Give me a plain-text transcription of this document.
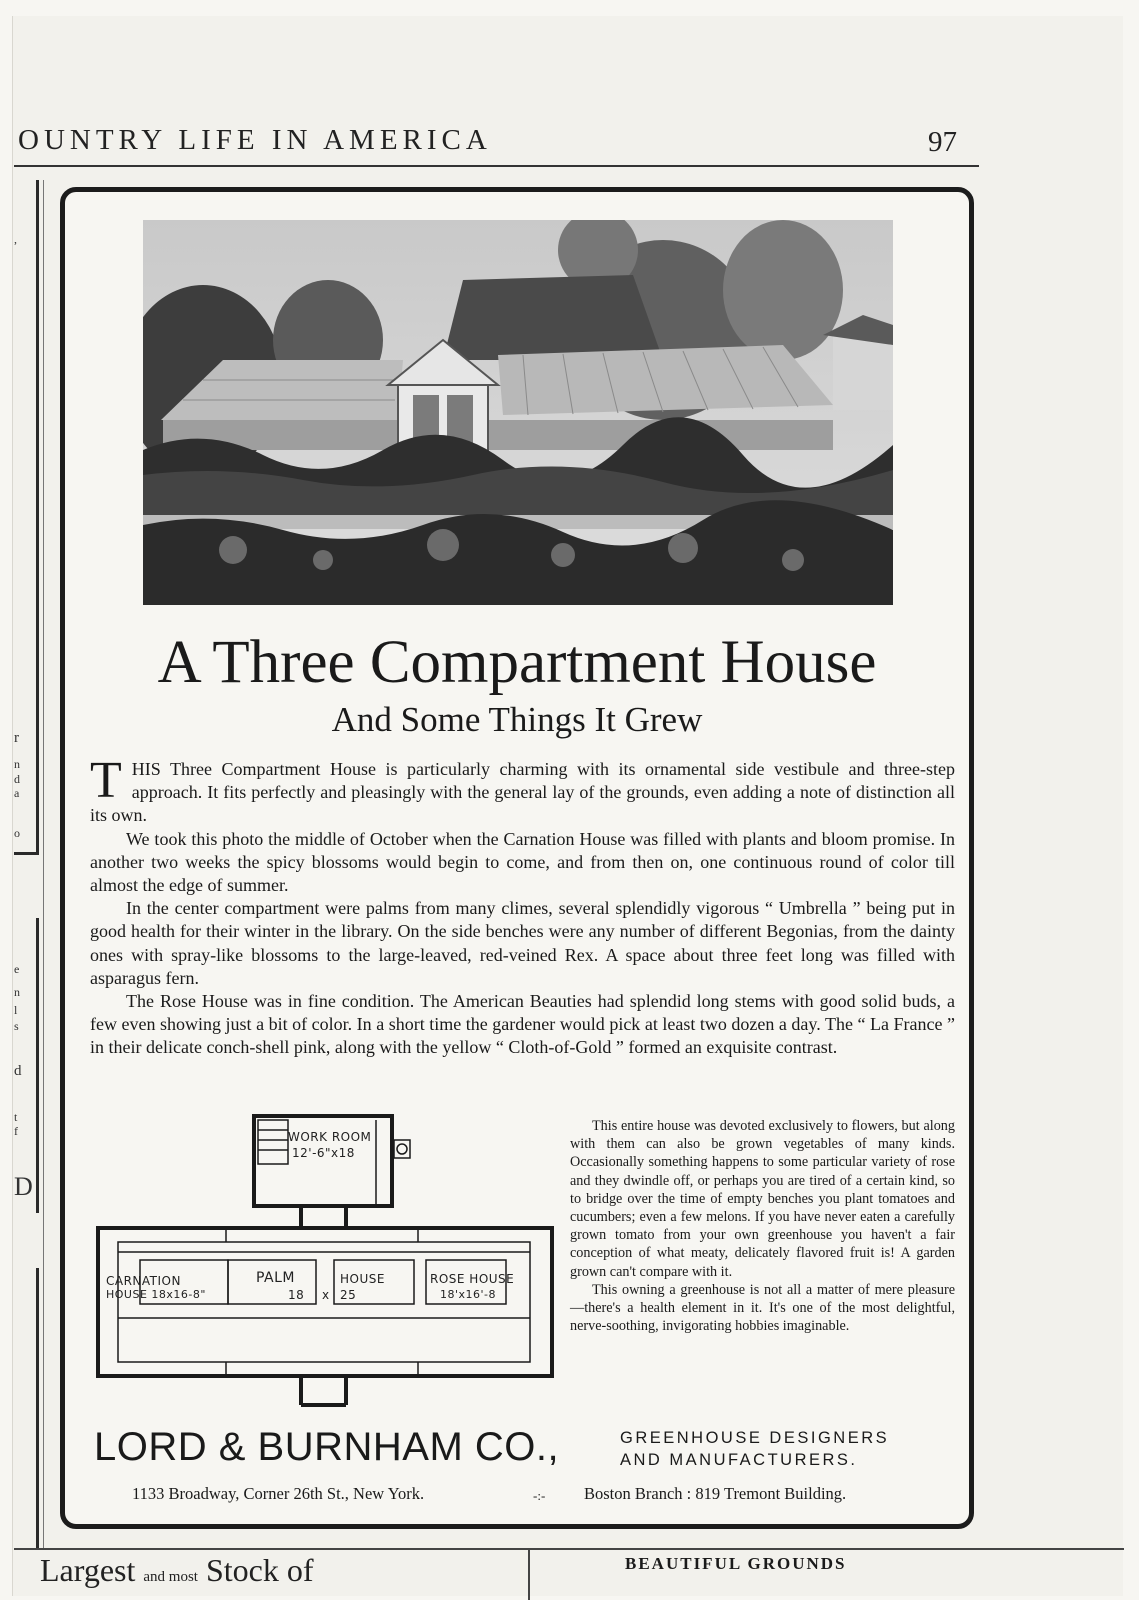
OUNTRY LIFE IN AMERICA	97
,
r
n
d
a
o
e
n
l
s
d
t
f
D
A Three Compartment House
And Some Things It Grew

THIS Three Compartment House is particularly charming with its ornamental side vestibule and three-step approach. It fits perfectly and pleasingly with the general lay of the grounds, even adding a note of distinction all its own.

We took this photo the middle of October when the Carnation House was filled with plants and bloom promise. In another two weeks the spicy blossoms would begin to come, and from then on, one continuous round of color till almost the edge of summer.

In the center compartment were palms from many climes, several splendidly vigorous “ Umbrella ” being put in good health for their winter in the library. On the side benches were any number of different Begonias, from the dainty ones with spray-like blossoms to the large-leaved, red-veined Rex. A space about three feet long was filled with asparagus fern.

The Rose House was in fine condition. The American Beauties had splendid long stems with good solid buds, a few even showing just a bit of color. In a short time the gardener would pick at least two dozen a day. The “ La France ” in their delicate conch-shell pink, along with the yellow “ Cloth-of-Gold ” formed an exquisite contrast.

WORK ROOM
12'-6"x18
CARNATION
HOUSE 18x16-8"
PALM
18 x
HOUSE
25
ROSE HOUSE
18'x16'-8

This entire house was devoted exclusively to flowers, but along with them can also be grown vegetables of many kinds. Occasionally something happens to some particular variety of rose and they dwindle off, or perhaps you are tired of a certain kind, so to bridge over the time of empty benches you plant tomatoes and cucumbers; even a few melons. If you have never eaten a carefully grown tomato from your own greenhouse you haven't a fair conception of what meaty, delicately flavored fruit is! A garden grown can't compare with it.

This owning a greenhouse is not all a matter of mere pleasure—there's a health element in it. It's one of the most delightful, nerve-soothing, invigorating hobbies imaginable.

LORD & BURNHAM CO.,	GREENHOUSE DESIGNERS
AND MANUFACTURERS.
1133 Broadway, Corner 26th St., New York.	-:- Boston Branch : 819 Tremont Building.
Largest and most Stock of	BEAUTIFUL GROUNDS
